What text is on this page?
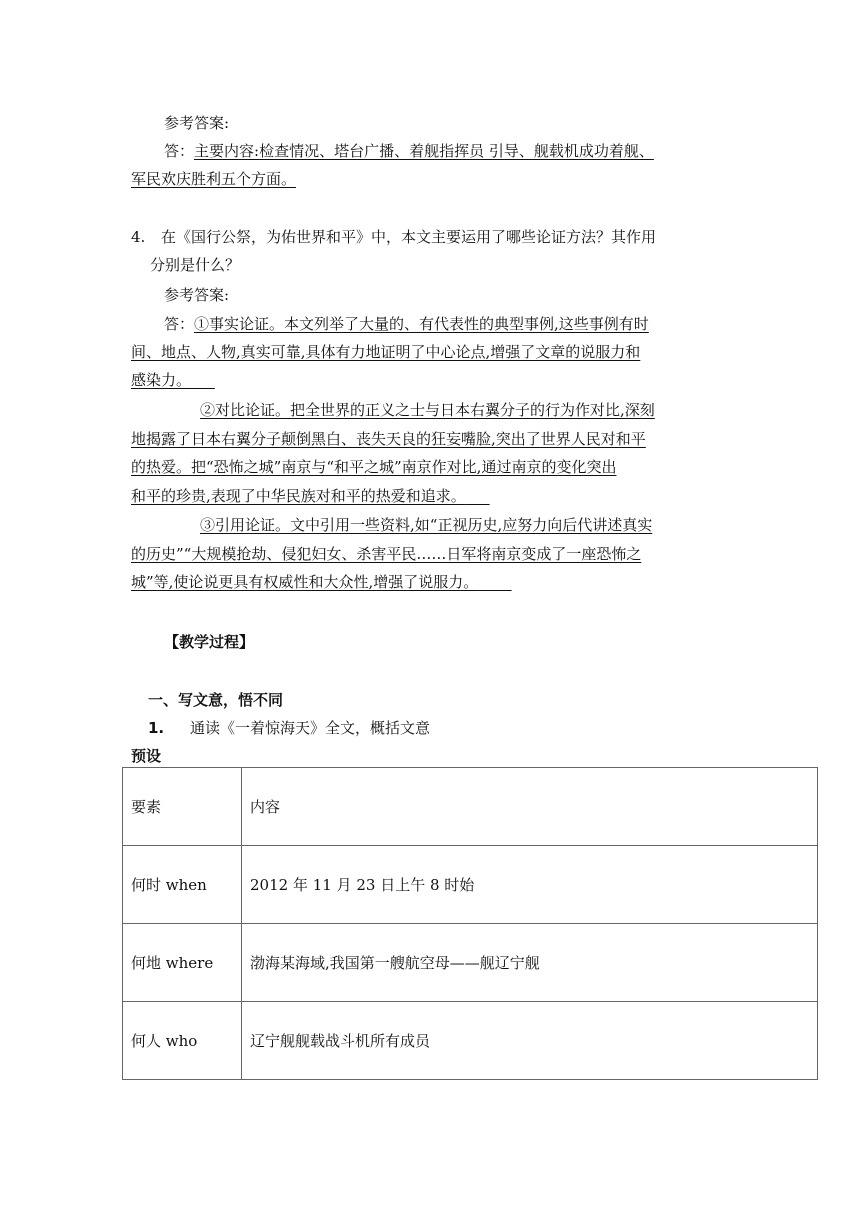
参考答案:
答：主要内容:检查情况、塔台广播、着舰指挥员 引导、舰载机成功着舰、
军民欢庆胜利五个方面。
4. 在《国行公祭，为佑世界和平》中，本文主要运用了哪些论证方法？其作用
分别是什么？
参考答案:
答：①事实论证。本文列举了大量的、有代表性的典型事例,这些事例有时
间、地点、人物,真实可靠,具体有力地证明了中心论点,增强了文章的说服力和
感染力。
②对比论证。把全世界的正义之士与日本右翼分子的行为作对比,深刻
地揭露了日本右翼分子颠倒黑白、丧失天良的狂妄嘴脸,突出了世界人民对和平
的热爱。把“恐怖之城”南京与“和平之城”南京作对比,通过南京的变化突出
和平的珍贵,表现了中华民族对和平的热爱和追求。
③引用论证。文中引用一些资料,如“正视历史,应努力向后代讲述真实
的历史”“大规模抢劫、侵犯妇女、杀害平民……日军将南京变成了一座恐怖之
城”等,使论说更具有权威性和大众性,增强了说服力。
【教学过程】
一、写文意，悟不同
1. 通读《一着惊海天》全文，概括文意
预设
要素	内容
何时 when	2012 年 11 月 23 日上午 8 时始
何地 where	渤海某海域,我国第一艘航空母——舰辽宁舰
何人 who	辽宁舰舰载战斗机所有成员
